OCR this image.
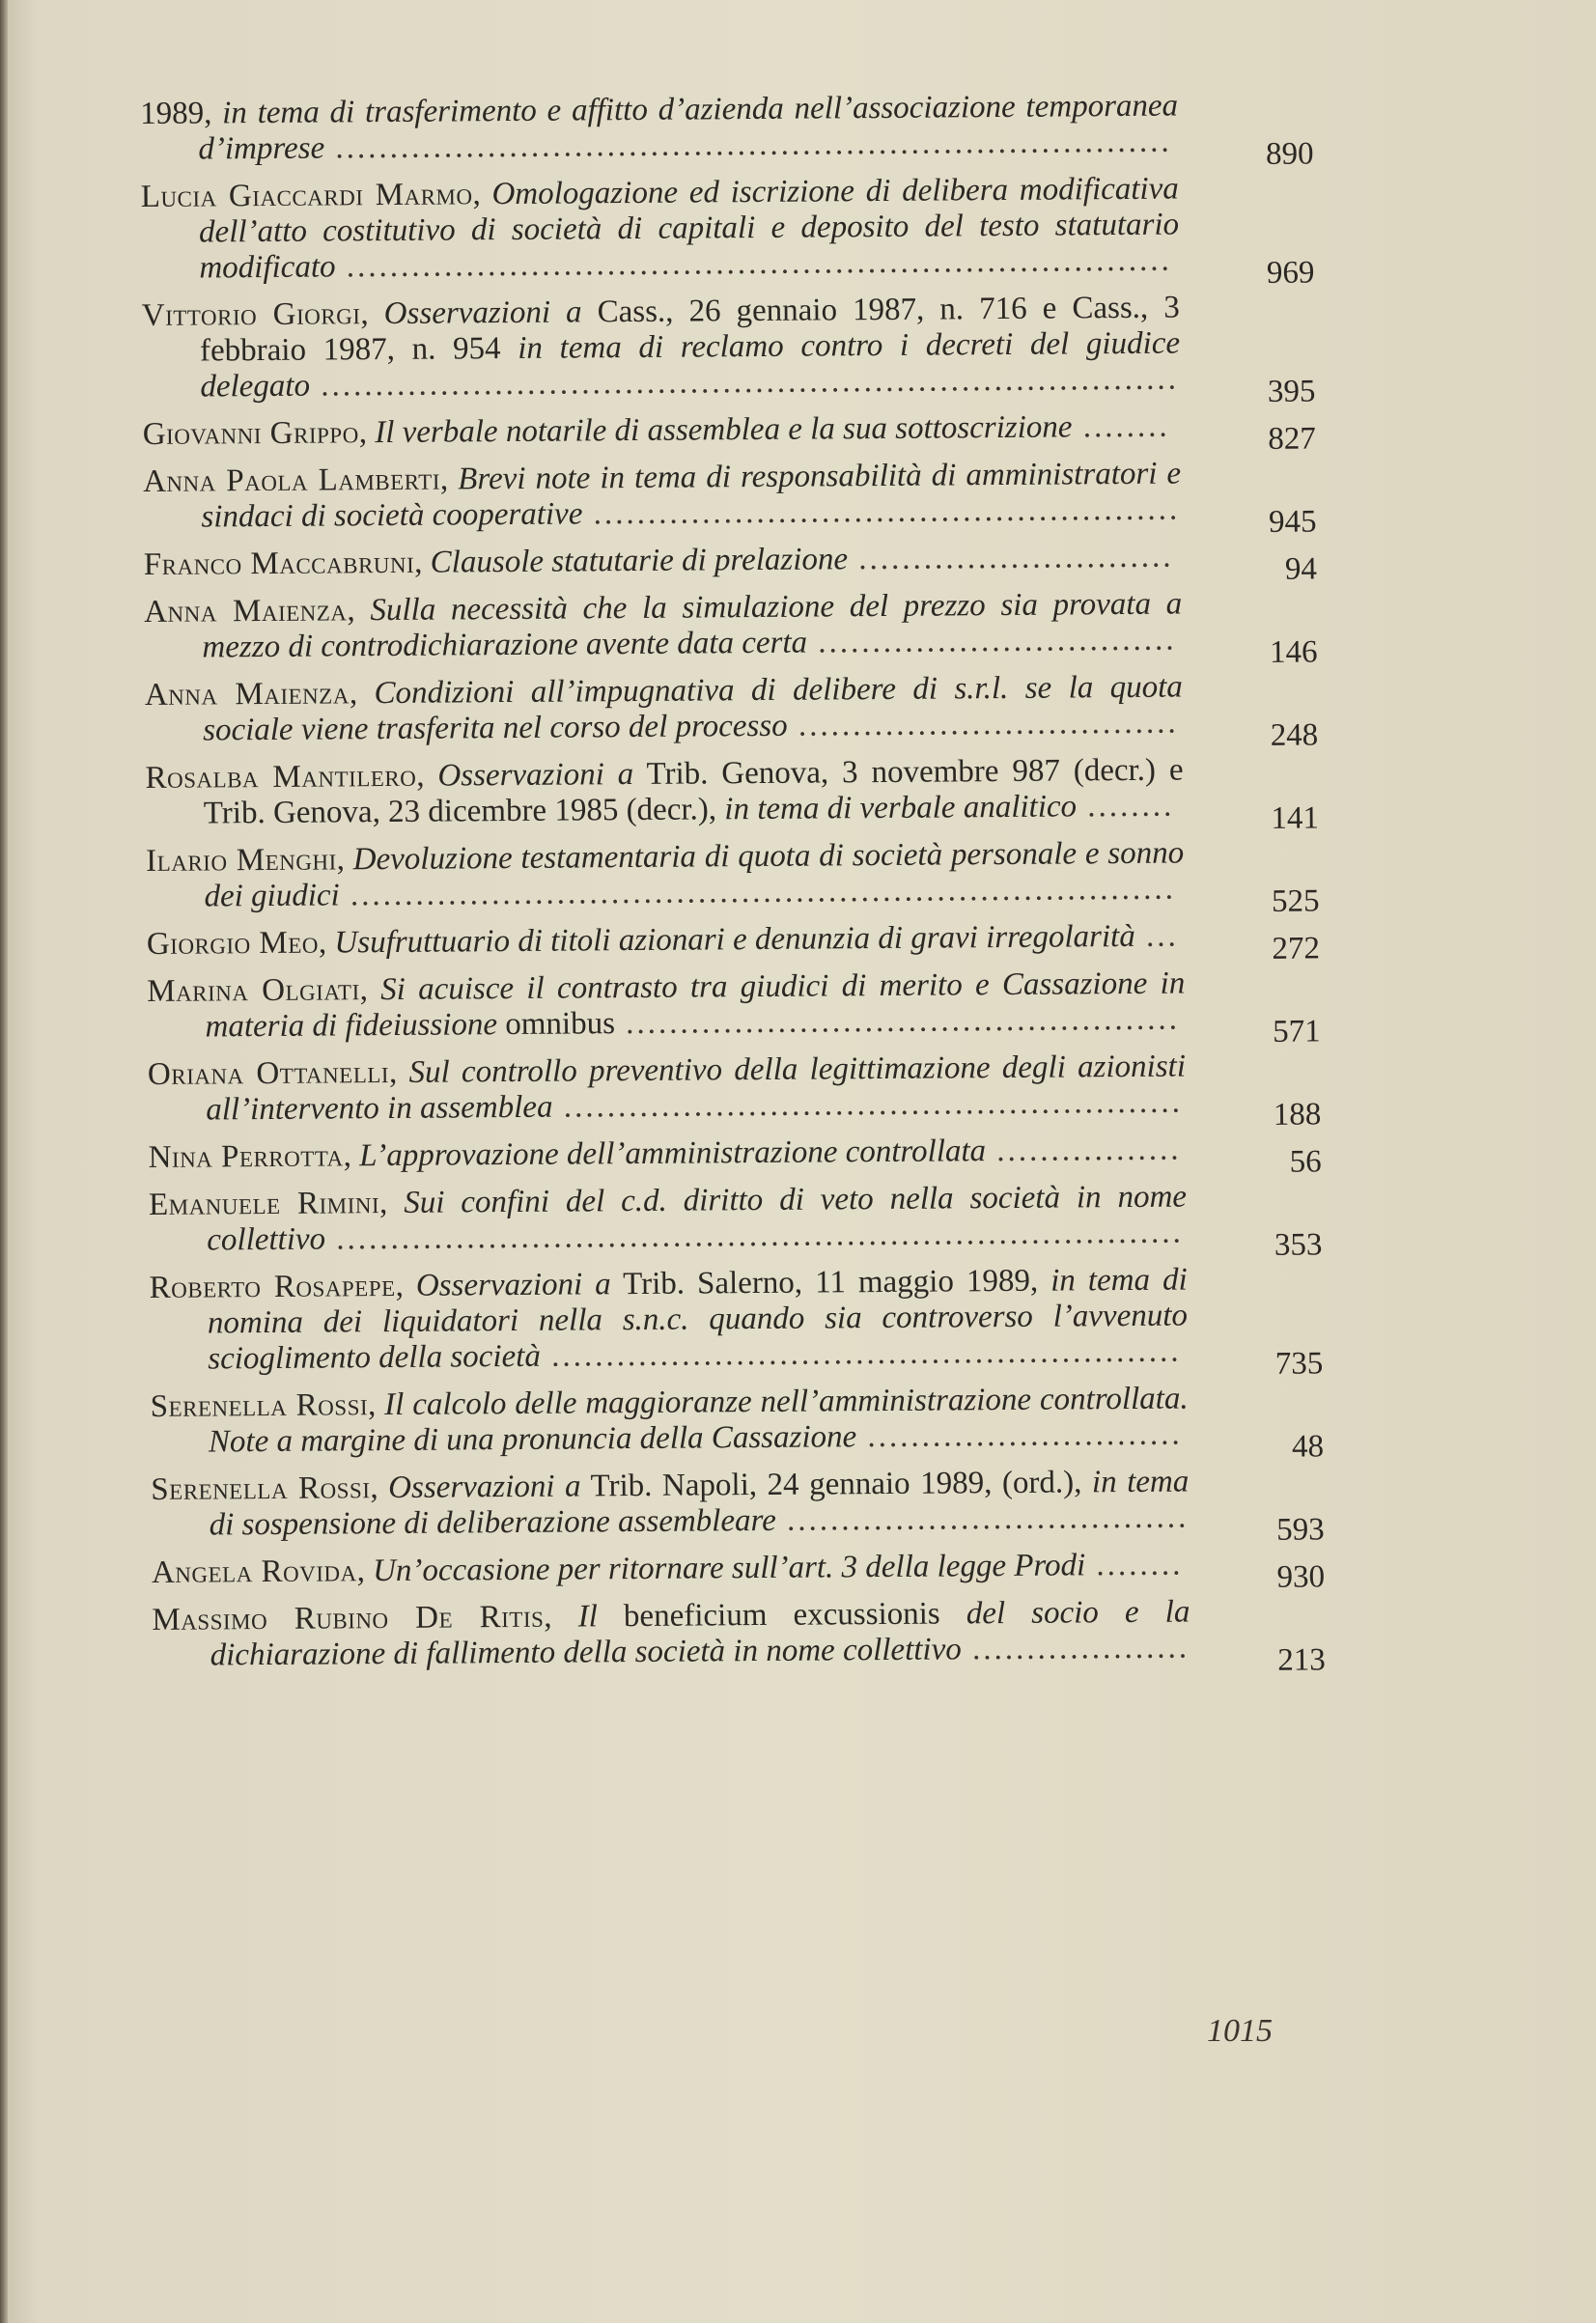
1989, in tema di trasferimento e affitto d’azienda nell’associazione temporanea d’imprese .............................................................................	890
Lucia Giaccardi Marmo, Omologazione ed iscrizione di delibera modificativa dell’atto costitutivo di società di capitali e deposito del testo statutario modificato ............................................................................	969
Vittorio Giorgi, Osservazioni a Cass., 26 gennaio 1987, n. 716 e Cass., 3 febbraio 1987, n. 954 in tema di reclamo contro i decreti del giudice delegato ...............................................................................	395
Giovanni Grippo, Il verbale notarile di assemblea e la sua sottoscrizione ........	827
Anna Paola Lamberti, Brevi note in tema di responsabilità di amministratori e sindaci di società cooperative ......................................................	945
Franco Maccabruni, Clausole statutarie di prelazione .............................	94
Anna Maienza, Sulla necessità che la simulazione del prezzo sia provata a mezzo di controdichiarazione avente data certa .................................	146
Anna Maienza, Condizioni all’impugnativa di delibere di s.r.l. se la quota sociale viene trasferita nel corso del processo ...................................	248
Rosalba Mantilero, Osservazioni a Trib. Genova, 3 novembre 987 (decr.) e Trib. Genova, 23 dicembre 1985 (decr.), in tema di verbale analitico ........	141
Ilario Menghi, Devoluzione testamentaria di quota di società personale e sonno dei giudici ............................................................................	525
Giorgio Meo, Usufruttuario di titoli azionari e denunzia di gravi irregolarità ...	272
Marina Olgiati, Si acuisce il contrasto tra giudici di merito e Cassazione in materia di fideiussione omnibus ...................................................	571
Oriana Ottanelli, Sul controllo preventivo della legittimazione degli azionisti all’intervento in assemblea .........................................................	188
Nina Perrotta, L’approvazione dell’amministrazione controllata .................	56
Emanuele Rimini, Sui confini del c.d. diritto di veto nella società in nome collettivo ..............................................................................	353
Roberto Rosapepe, Osservazioni a Trib. Salerno, 11 maggio 1989, in tema di nomina dei liquidatori nella s.n.c. quando sia controverso l’avvenuto scioglimento della società ..........................................................	735
Serenella Rossi, Il calcolo delle maggioranze nell’amministrazione controllata. Note a margine di una pronuncia della Cassazione .............................	48
Serenella Rossi, Osservazioni a Trib. Napoli, 24 gennaio 1989, (ord.), in tema di sospensione di deliberazione assembleare .....................................	593
Angela Rovida, Un’occasione per ritornare sull’art. 3 della legge Prodi ........	930
Massimo Rubino De Ritis, Il beneficium excussionis del socio e la dichiarazione di fallimento della società in nome collettivo ....................	213
1015
